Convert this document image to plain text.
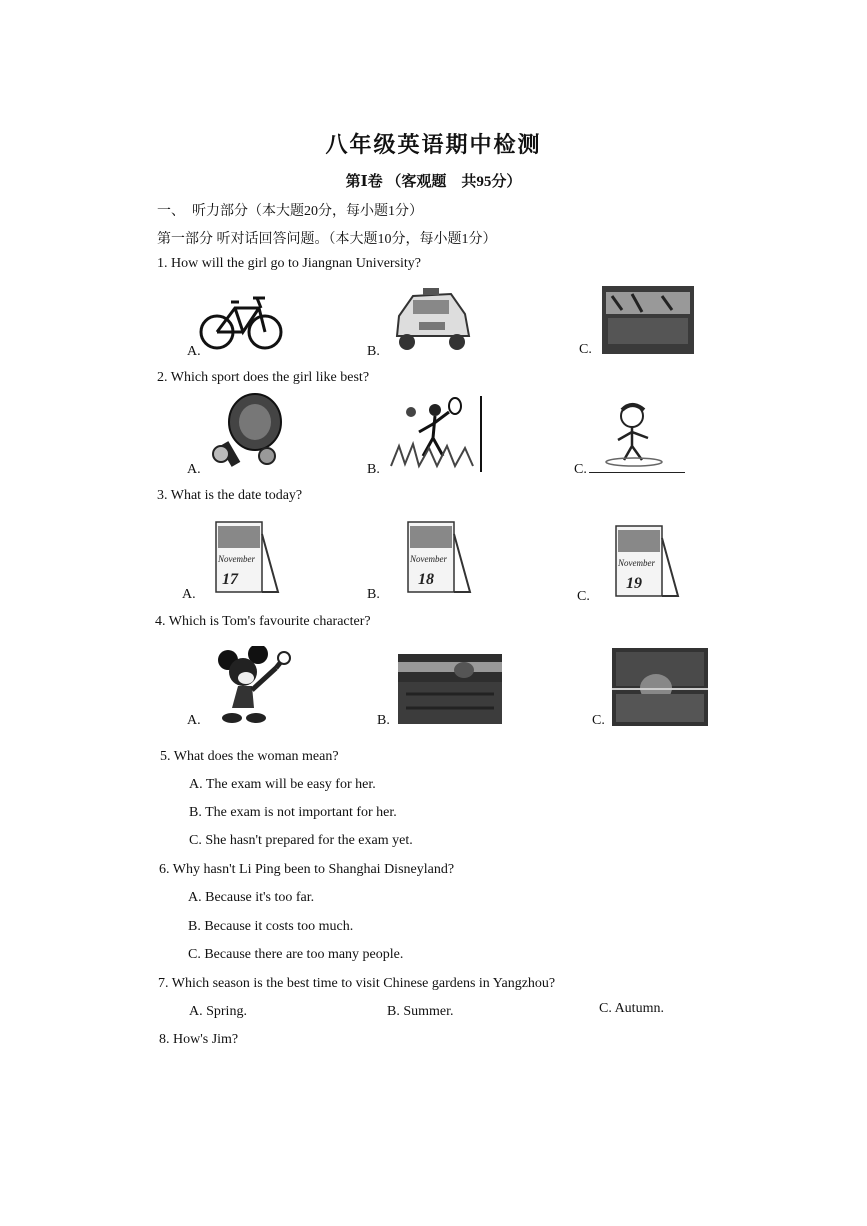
八年级英语期中检测
第Ⅰ卷 （客观题　共95分）
一、　听力部分（本大题20分，每小题1分）
第一部分 听对话回答问题。（本大题10分，每小题1分）
1. How will the girl go to Jiangnan University?
A.	B.	C.
2. Which sport does the girl like best?
A.	B.	C.
3. What is the date today?
A.
November
17
B.
November
18
C.
November
19
4. Which is Tom's favourite character?
A.	B.	C.
5. What does the woman mean?
A. The exam will be easy for her.
B. The exam is not important for her.
C. She hasn't prepared for the exam yet.
6. Why hasn't Li Ping been to Shanghai Disneyland?
A. Because it's too far.
B. Because it costs too much.
C. Because there are too many people.
7. Which season is the best time to visit Chinese gardens in Yangzhou?
A. Spring.	B. Summer.	C. Autumn.
8. How's Jim?
